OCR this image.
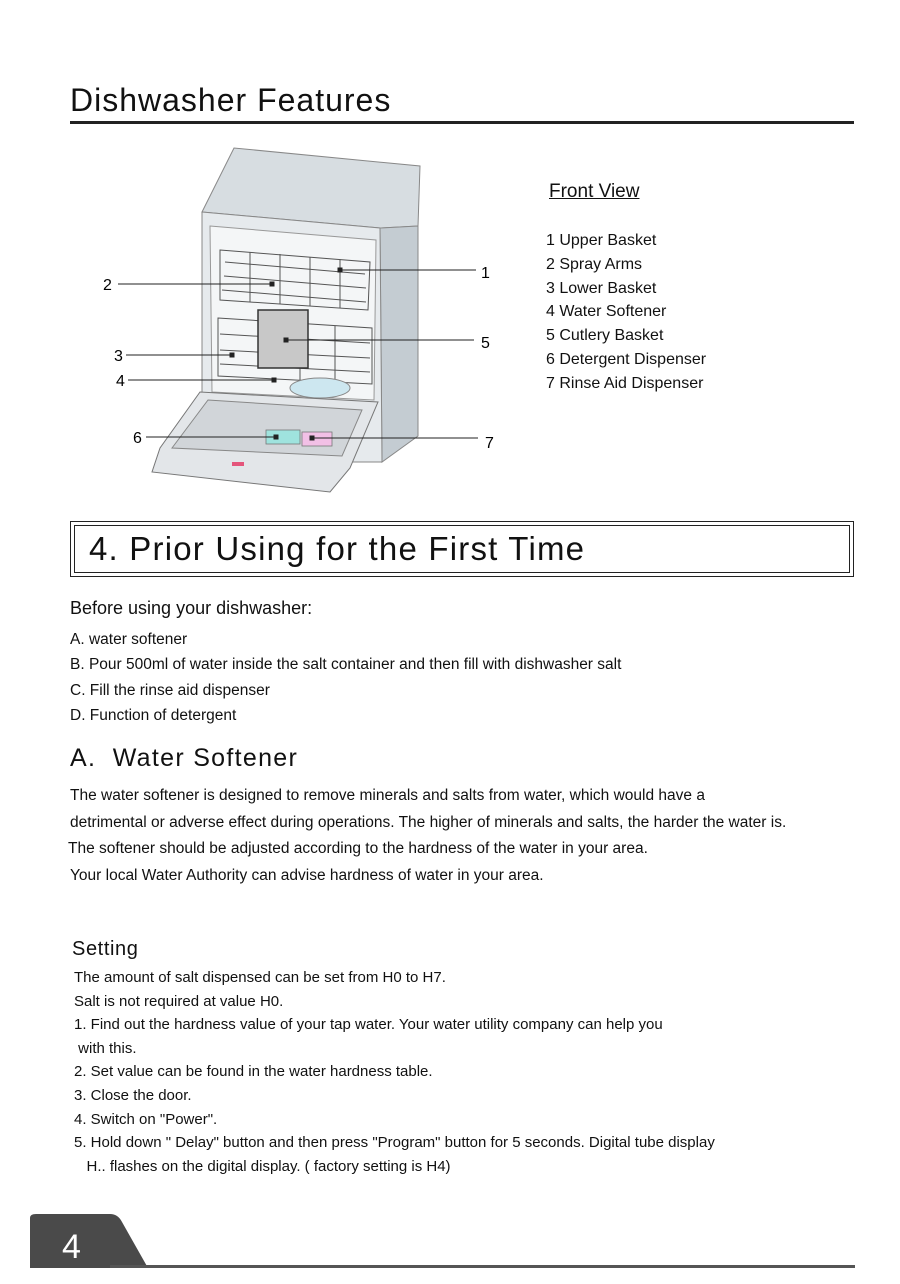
Dishwasher Features
1
2
5
3
4
6	7
Front View
1 Upper Basket
2 Spray Arms
3 Lower Basket
4 Water Softener
5 Cutlery Basket
6 Detergent Dispenser
7 Rinse Aid Dispenser
4. Prior Using for the First Time
Before using your dishwasher:
A. water softener
B. Pour 500ml of water inside the salt container and then fill with dishwasher salt
C. Fill the rinse aid dispenser
D. Function of detergent
A.  Water Softener
The water softener is designed to remove minerals and salts from water, which would have a
detrimental or adverse effect during operations. The higher of minerals and salts, the harder the water is.
The softener should be adjusted according to the hardness of the water in your area.
Your local Water Authority can advise hardness of water in your area.
Setting
The amount of salt dispensed can be set from H0 to H7.
Salt is not required at value H0.
1. Find out the hardness value of your tap water. Your water utility company can help you
with this.
2. Set value can be found in the water hardness table.
3. Close the door.
4. Switch on "Power".
5. Hold down " Delay" button and then press "Program" button for 5 seconds. Digital tube display
H.. flashes on the digital display. ( factory setting is H4)
4
